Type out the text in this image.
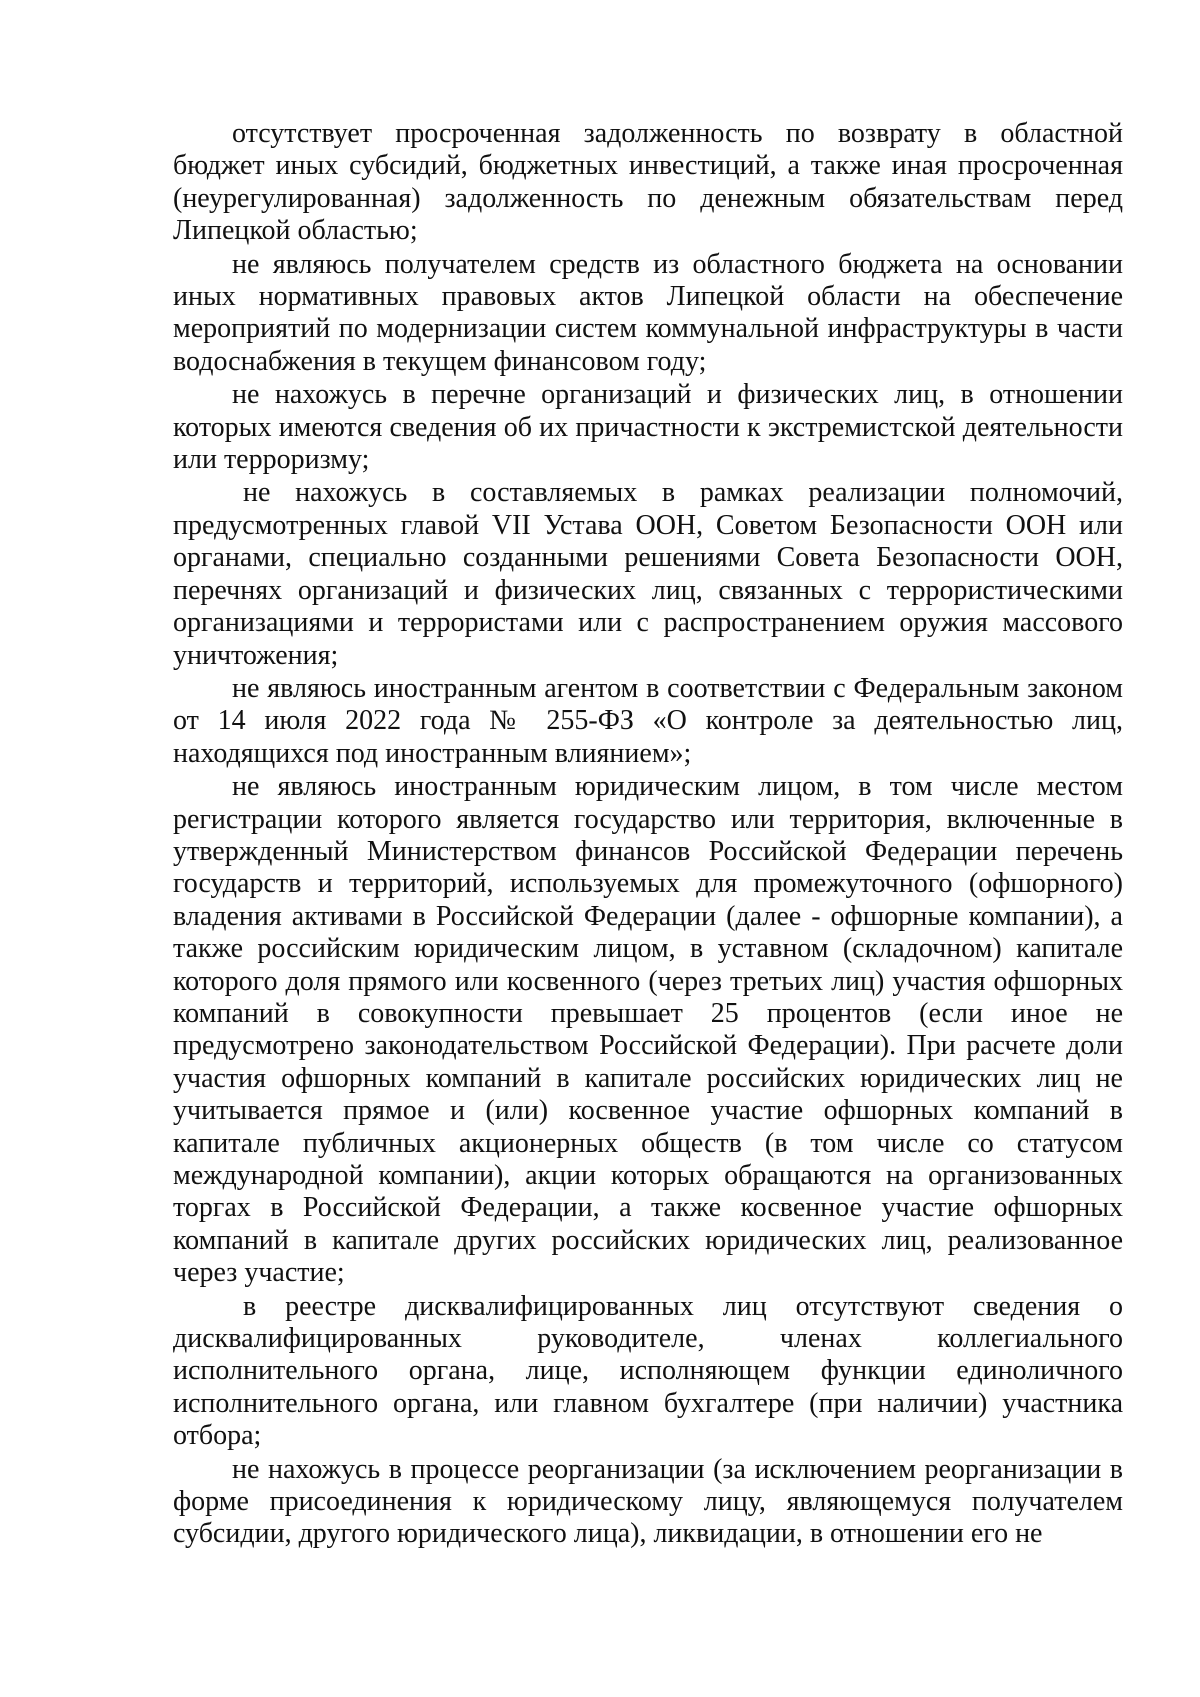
отсутствует просроченная задолженность по возврату в областной бюджет иных субсидий, бюджетных инвестиций, а также иная просроченная (неурегулированная) задолженность по денежным обязательствам перед Липецкой областью;

не являюсь получателем средств из областного бюджета на основании иных нормативных правовых актов Липецкой области на обеспечение мероприятий по модернизации систем коммунальной инфраструктуры в части водоснабжения в текущем финансовом году;

не нахожусь в перечне организаций и физических лиц, в отношении которых имеются сведения об их причастности к экстремистской деятельности или терроризму;

не нахожусь в составляемых в рамках реализации полномочий, предусмотренных главой VII Устава ООН, Советом Безопасности ООН или органами, специально созданными решениями Совета Безопасности ООН, перечнях организаций и физических лиц, связанных с террористическими организациями и террористами или с распространением оружия массового уничтожения;

не являюсь иностранным агентом в соответствии с Федеральным законом от 14 июля 2022 года № 255-ФЗ «О контроле за деятельностью лиц, находящихся под иностранным влиянием»;

не являюсь иностранным юридическим лицом, в том числе местом регистрации которого является государство или территория, включенные в утвержденный Министерством финансов Российской Федерации перечень государств и территорий, используемых для промежуточного (офшорного) владения активами в Российской Федерации (далее - офшорные компании), а также российским юридическим лицом, в уставном (складочном) капитале которого доля прямого или косвенного (через третьих лиц) участия офшорных компаний в совокупности превышает 25 процентов (если иное не предусмотрено законодательством Российской Федерации). При расчете доли участия офшорных компаний в капитале российских юридических лиц не учитывается прямое и (или) косвенное участие офшорных компаний в капитале публичных акционерных обществ (в том числе со статусом международной компании), акции которых обращаются на организованных торгах в Российской Федерации, а также косвенное участие офшорных компаний в капитале других российских юридических лиц, реализованное через участие;

в реестре дисквалифицированных лиц отсутствуют сведения о дисквалифицированных руководителе, членах коллегиального исполнительного органа, лице, исполняющем функции единоличного исполнительного органа, или главном бухгалтере (при наличии) участника отбора;

не нахожусь в процессе реорганизации (за исключением реорганизации в форме присоединения к юридическому лицу, являющемуся получателем субсидии, другого юридического лица), ликвидации, в отношении его не
